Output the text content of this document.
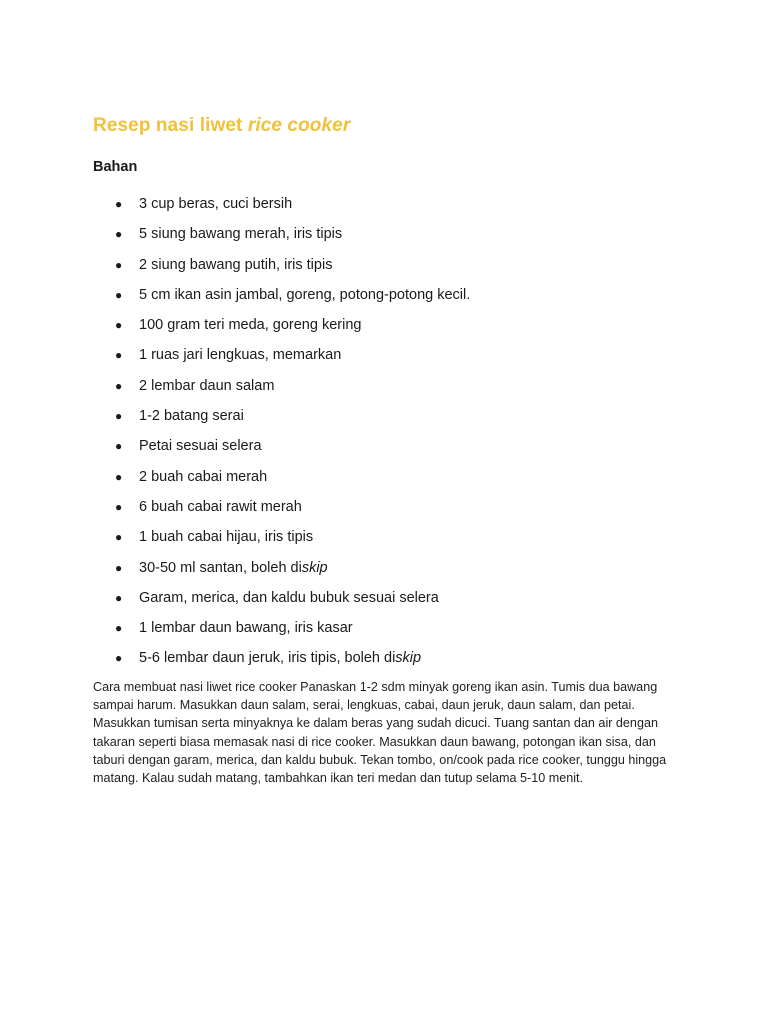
Resep nasi liwet rice cooker
Bahan
● 3 cup beras, cuci bersih
● 5 siung bawang merah, iris tipis
● 2 siung bawang putih, iris tipis
● 5 cm ikan asin jambal, goreng, potong-potong kecil.
● 100 gram teri meda, goreng kering
● 1 ruas jari lengkuas, memarkan
● 2 lembar daun salam
● 1-2 batang serai
● Petai sesuai selera
● 2 buah cabai merah
● 6 buah cabai rawit merah
● 1 buah cabai hijau, iris tipis
● 30-50 ml santan, boleh diskip
● Garam, merica, dan kaldu bubuk sesuai selera
● 1 lembar daun bawang, iris kasar
● 5-6 lembar daun jeruk, iris tipis, boleh diskip

Cara membuat nasi liwet rice cooker Panaskan 1-2 sdm minyak goreng ikan asin. Tumis dua bawang sampai harum. Masukkan daun salam, serai, lengkuas, cabai, daun jeruk, daun salam, dan petai. Masukkan tumisan serta minyaknya ke dalam beras yang sudah dicuci. Tuang santan dan air dengan takaran seperti biasa memasak nasi di rice cooker. Masukkan daun bawang, potongan ikan sisa, dan taburi dengan garam, merica, dan kaldu bubuk. Tekan tombo, on/cook pada rice cooker, tunggu hingga matang. Kalau sudah matang, tambahkan ikan teri medan dan tutup selama 5-10 menit.
